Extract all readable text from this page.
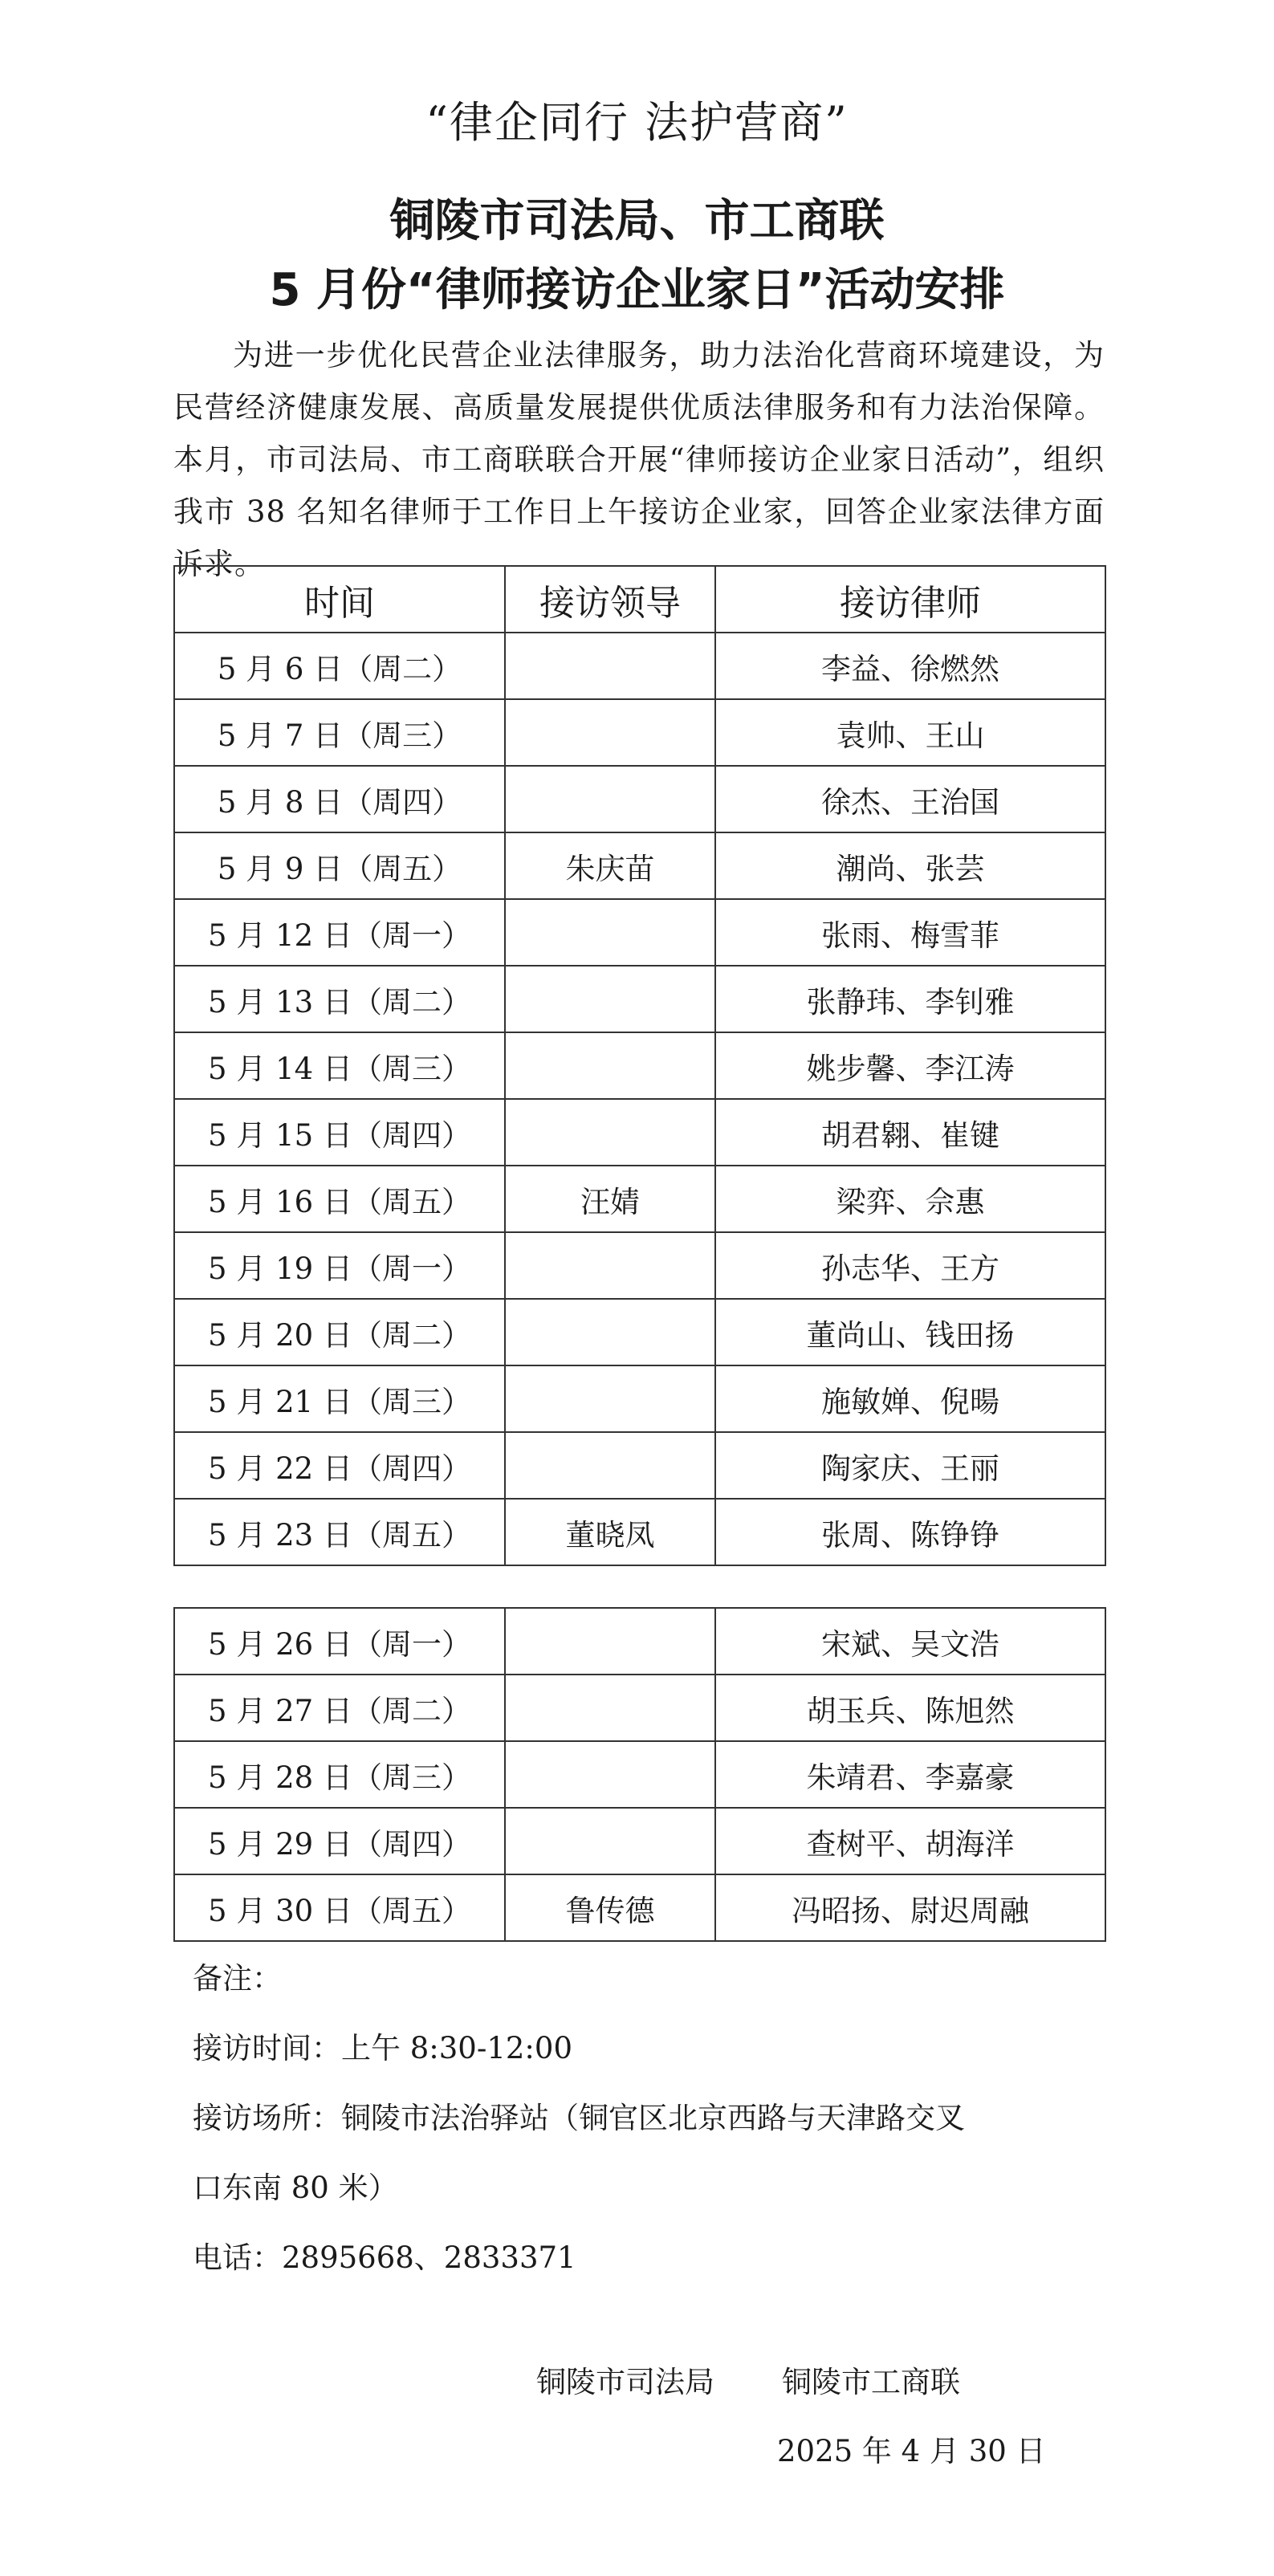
“律企同行 法护营商”
铜陵市司法局、市工商联
5 月份“律师接访企业家日”活动安排

为进一步优化民营企业法律服务，助力法治化营商环境建设，为民营经济健康发展、高质量发展提供优质法律服务和有力法治保障。本月，市司法局、市工商联联合开展“律师接访企业家日活动”，组织我市 38 名知名律师于工作日上午接访企业家，回答企业家法律方面诉求。

时间	接访领导	接访律师
5 月 6 日（周二）		李益、徐燃然
5 月 7 日（周三）		袁帅、王山
5 月 8 日（周四）		徐杰、王治国
5 月 9 日（周五）	朱庆苗	潮尚、张芸
5 月 12 日（周一）		张雨、梅雪菲
5 月 13 日（周二）		张静玮、李钊雅
5 月 14 日（周三）		姚步馨、李江涛
5 月 15 日（周四）		胡君翱、崔键
5 月 16 日（周五）	汪婧	梁弈、佘惠
5 月 19 日（周一）		孙志华、王方
5 月 20 日（周二）		董尚山、钱田扬
5 月 21 日（周三）		施敏婵、倪暘
5 月 22 日（周四）		陶家庆、王丽
5 月 23 日（周五）	董晓凤	张周、陈铮铮
5 月 26 日（周一）		宋斌、吴文浩
5 月 27 日（周二）		胡玉兵、陈旭然
5 月 28 日（周三）		朱靖君、李嘉豪
5 月 29 日（周四）		查树平、胡海洋
5 月 30 日（周五）	鲁传德	冯昭扬、尉迟周融
备注：
接访时间：上午 8:30-12:00
接访场所：铜陵市法治驿站（铜官区北京西路与天津路交叉
口东南 80 米）
电话：2895668、2833371
铜陵市司法局 铜陵市工商联
2025 年 4 月 30 日
